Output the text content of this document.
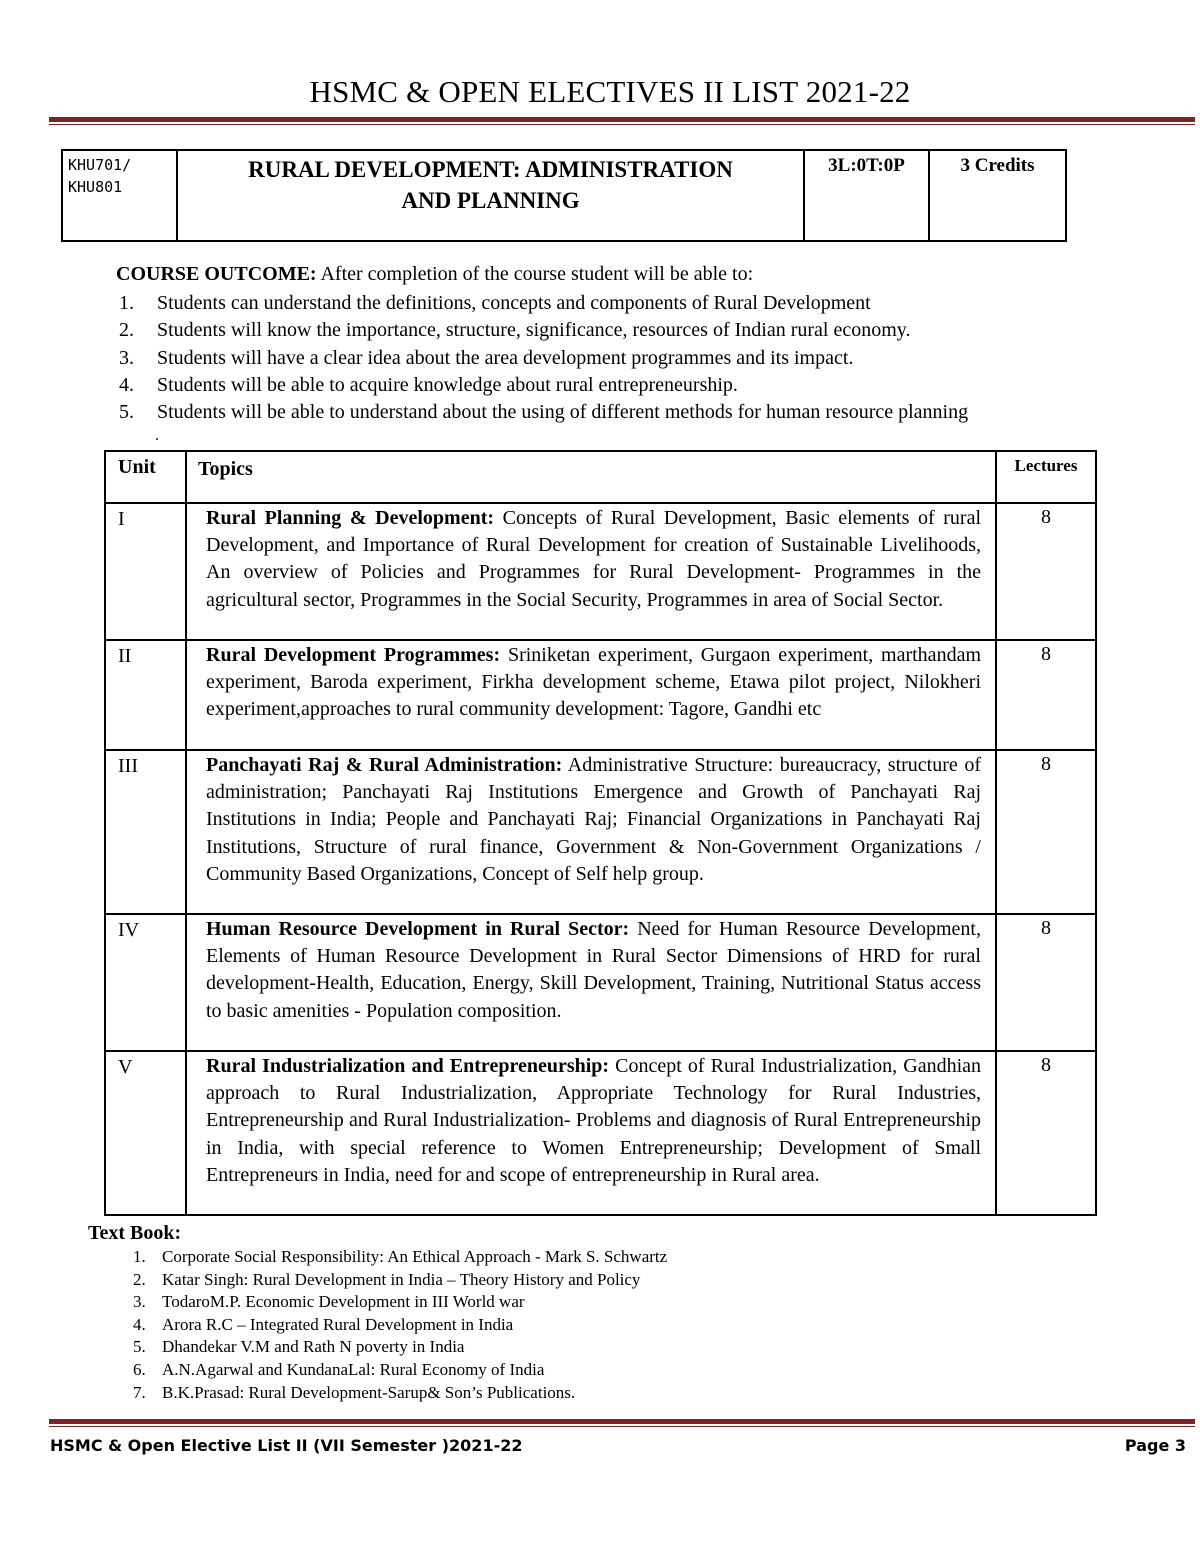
HSMC & OPEN ELECTIVES II LIST 2021-22
KHU701/
KHU801
RURAL DEVELOPMENT: ADMINISTRATION
AND PLANNING
3L:0T:0P	3 Credits
COURSE OUTCOME: After completion of the course student will be able to:
1. Students can understand the definitions, concepts and components of Rural Development
2. Students will know the importance, structure, significance, resources of Indian rural economy.
3. Students will have a clear idea about the area development programmes and its impact.
4. Students will be able to acquire knowledge about rural entrepreneurship.
5. Students will be able to understand about the using of different methods for human resource planning
.
Unit	Topics	Lectures
I	Rural Planning & Development: Concepts of Rural Development, Basic elements of rural Development, and Importance of Rural Development for creation of Sustainable Livelihoods, An overview of Policies and Programmes for Rural Development- Programmes in the agricultural sector, Programmes in the Social Security, Programmes in area of Social Sector.	8
II	Rural Development Programmes: Sriniketan experiment, Gurgaon experiment, marthandam experiment, Baroda experiment, Firkha development scheme, Etawa pilot project, Nilokheri experiment,approaches to rural community development: Tagore, Gandhi etc	8
III	Panchayati Raj & Rural Administration: Administrative Structure: bureaucracy, structure of administration; Panchayati Raj Institutions Emergence and Growth of Panchayati Raj Institutions in India; People and Panchayati Raj; Financial Organizations in Panchayati Raj Institutions, Structure of rural finance, Government & Non-Government Organizations / Community Based Organizations, Concept of Self help group.	8
IV	Human Resource Development in Rural Sector: Need for Human Resource Development, Elements of Human Resource Development in Rural Sector Dimensions of HRD for rural development-Health, Education, Energy, Skill Development, Training, Nutritional Status access to basic amenities - Population composition.	8
V	Rural Industrialization and Entrepreneurship: Concept of Rural Industrialization, Gandhian approach to Rural Industrialization, Appropriate Technology for Rural Industries, Entrepreneurship and Rural Industrialization- Problems and diagnosis of Rural Entrepreneurship in India, with special reference to Women Entrepreneurship; Development of Small Entrepreneurs in India, need for and scope of entrepreneurship in Rural area.	8
Text Book:
1. Corporate Social Responsibility: An Ethical Approach - Mark S. Schwartz
2. Katar Singh: Rural Development in India – Theory History and Policy
3. TodaroM.P. Economic Development in III World war
4. Arora R.C – Integrated Rural Development in India
5. Dhandekar V.M and Rath N poverty in India
6. A.N.Agarwal and KundanaLal: Rural Economy of India
7. B.K.Prasad: Rural Development-Sarup& Son’s Publications.
HSMC & Open Elective List II (VII Semester )2021-22	Page 3
